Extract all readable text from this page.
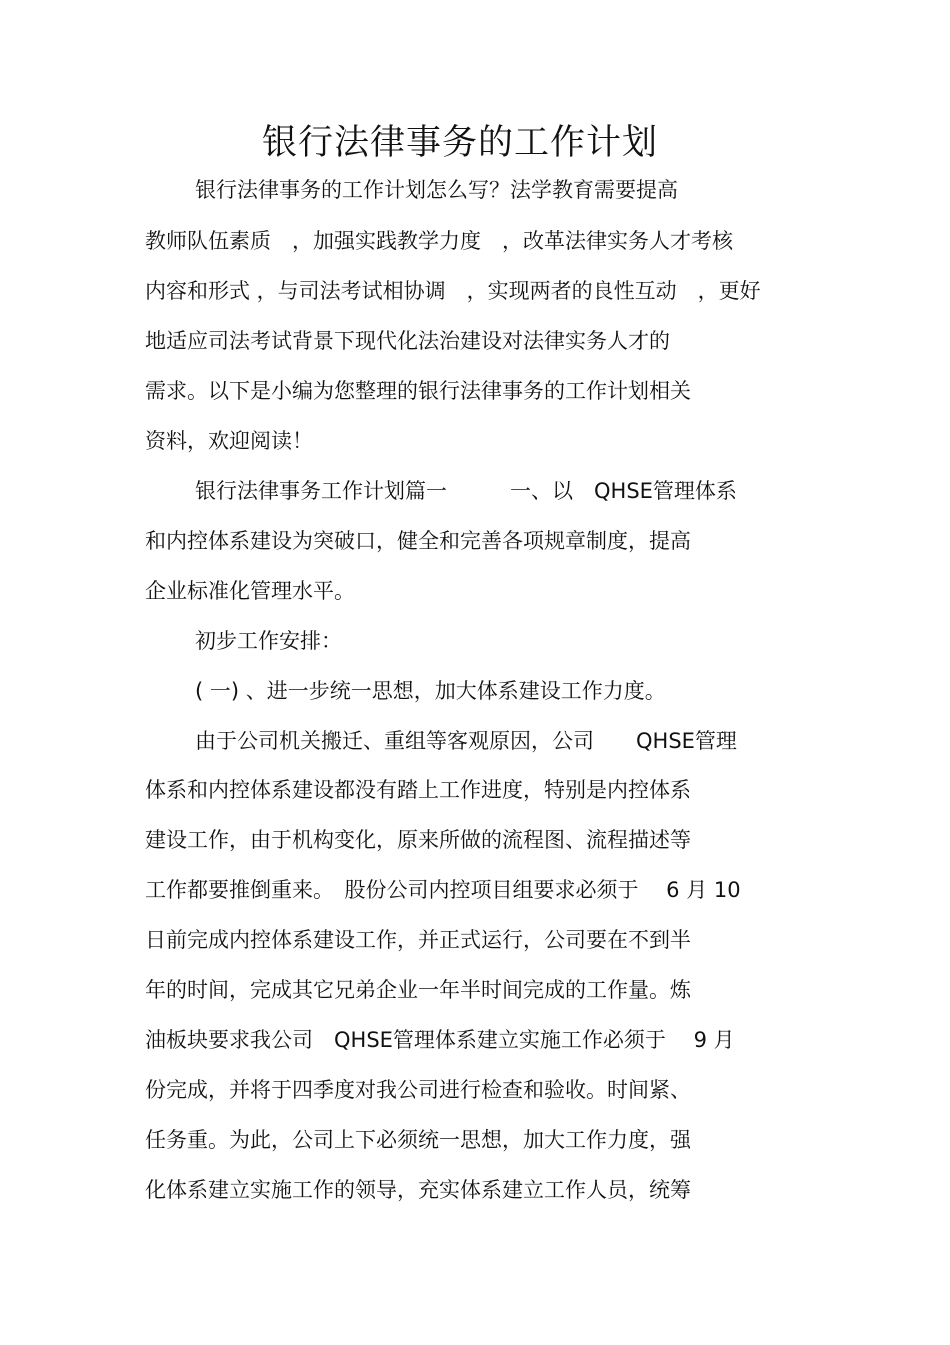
银行法律事务的工作计划
银行法律事务的工作计划怎么写？法学教育需要提高
教师队伍素质　，加强实践教学力度　，改革法律实务人才考核
内容和形式 ，与司法考试相协调　，实现两者的良性互动　，更好
地适应司法考试背景下现代化法治建设对法律实务人才的
需求。以下是小编为您整理的银行法律事务的工作计划相关
资料，欢迎阅读！
银行法律事务工作计划篇一　　　一、以　QHSE管理体系
和内控体系建设为突破口，健全和完善各项规章制度，提高
企业标准化管理水平。
初步工作安排：
( 一) 、进一步统一思想，加大体系建设工作力度。
由于公司机关搬迁、重组等客观原因，公司　　QHSE管理
体系和内控体系建设都没有踏上工作进度，特别是内控体系
建设工作，由于机构变化，原来所做的流程图、流程描述等
工作都要推倒重来。　股份公司内控项目组要求必须于　 6 月 10
日前完成内控体系建设工作，并正式运行，公司要在不到半
年的时间，完成其它兄弟企业一年半时间完成的工作量。炼
油板块要求我公司　QHSE管理体系建立实施工作必须于　 9 月
份完成，并将于四季度对我公司进行检查和验收。时间紧、
任务重。为此，公司上下必须统一思想，加大工作力度，强
化体系建立实施工作的领导，充实体系建立工作人员，统筹
